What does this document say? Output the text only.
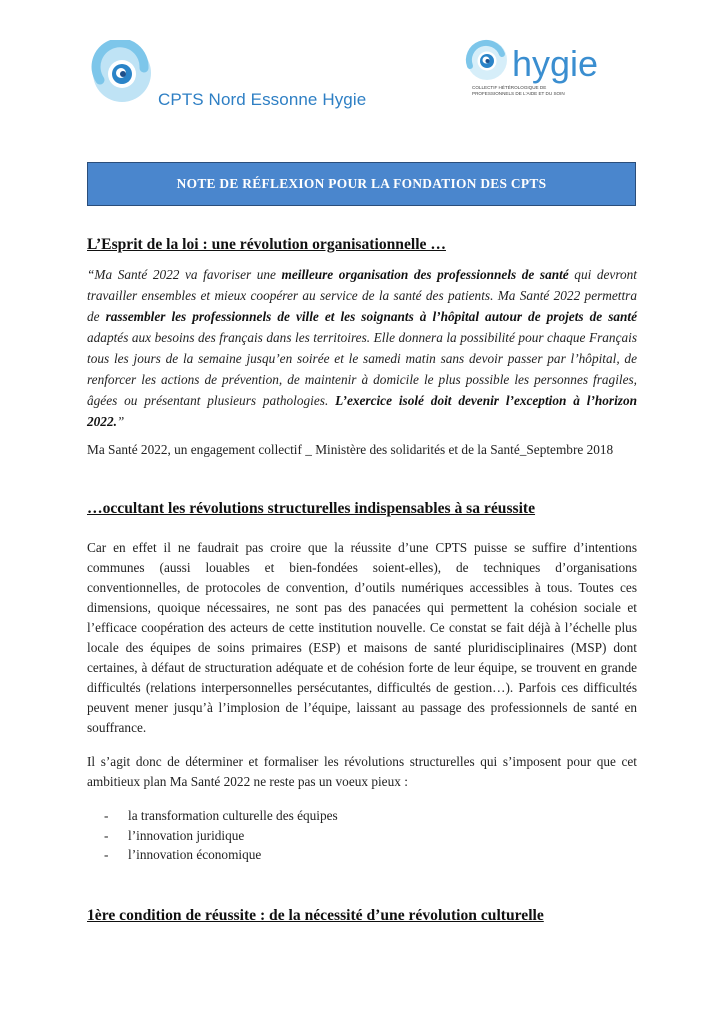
CPTS Nord Essonne Hygie
hygie
COLLECTIF HÉTÉROLOGIQUE DE PROFESSIONNELS DE L'AIDE ET DU SOIN
NOTE DE RÉFLEXION POUR LA FONDATION DES CPTS
L’Esprit de la loi : une révolution organisationnelle …

“Ma Santé 2022 va favoriser une meilleure organisation des professionnels de santé qui devront travailler ensembles et mieux coopérer au service de la santé des patients. Ma Santé 2022 permettra de rassembler les professionnels de ville et les soignants à l’hôpital autour de projets de santé adaptés aux besoins des français dans les territoires. Elle donnera la possibilité pour chaque Français tous les jours de la semaine jusqu’en soirée et le samedi matin sans devoir passer par l’hôpital, de renforcer les actions de prévention, de maintenir à domicile le plus possible les personnes fragiles, âgées ou présentant plusieurs pathologies. L’exercice isolé doit devenir l’exception à l’horizon 2022.”

Ma Santé 2022, un engagement collectif _ Ministère des solidarités et de la Santé_Septembre 2018

…occultant les révolutions structurelles indispensables à sa réussite

Car en effet il ne faudrait pas croire que la réussite d’une CPTS puisse se suffire d’intentions communes (aussi louables et bien-fondées soient-elles), de techniques d’organisations conventionnelles, de protocoles de convention, d’outils numériques accessibles à tous. Toutes ces dimensions, quoique nécessaires, ne sont pas des panacées qui permettent la cohésion sociale et l’efficace coopération des acteurs de cette institution nouvelle. Ce constat se fait déjà à l’échelle plus locale des équipes de soins primaires (ESP) et maisons de santé pluridisciplinaires (MSP) dont certaines, à défaut de structuration adéquate et de cohésion forte de leur équipe, se trouvent en grande difficultés (relations interpersonnelles persécutantes, difficultés de gestion…). Parfois ces difficultés peuvent mener jusqu’à l’implosion de l’équipe, laissant au passage des professionnels de santé en souffrance.

Il s’agit donc de déterminer et formaliser les révolutions structurelles qui s’imposent pour que cet ambitieux plan Ma Santé 2022 ne reste pas un voeux pieux :

- la transformation culturelle des équipes
- l’innovation juridique
- l’innovation économique
1ère condition de réussite : de la nécessité d’une révolution culturelle
